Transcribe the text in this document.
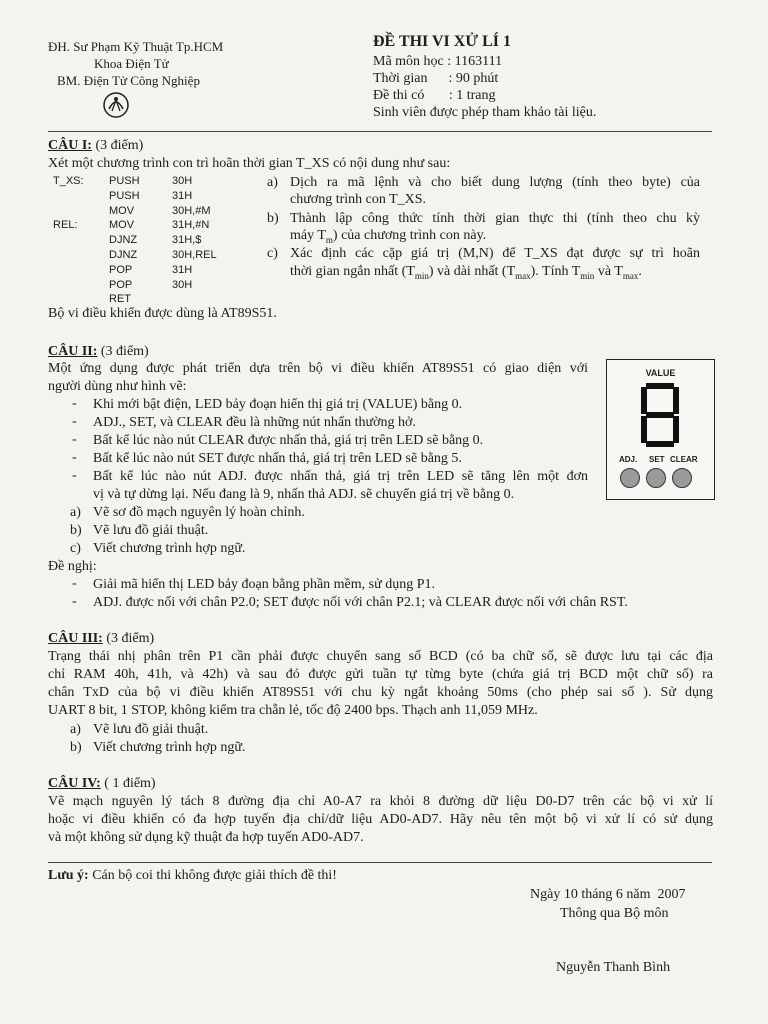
ĐH. Sư Phạm Kỹ Thuật Tp.HCM
Khoa Điện Tử
BM. Điện Tử Công Nghiệp
ĐỀ THI VI XỬ LÍ 1
Mã môn học : 1163111
Thời gian      : 90 phút
Đề thi có       : 1 trang
Sinh viên được phép tham khảo tài liệu.
CÂU I: (3 điểm)
Xét một chương trình con trì hoãn thời gian T_XS có nội dung như sau:
T_XS:	PUSH	30H
PUSH	31H
MOV	30H,#M
REL:	MOV	31H,#N
DJNZ	31H,$
DJNZ	30H,REL
POP	31H
POP	30H
RET
a) Dịch ra mã lệnh và cho biết dung lượng (tính theo byte) của
chương trình con T_XS.
b) Thành lập công thức tính thời gian thực thi (tính theo chu kỳ
máy $T_m$) của chương trình con này.
c) Xác định các cặp giá trị (M,N) để T_XS đạt được sự trì hoãn
thời gian ngắn nhất $(T_{min})$ và dài nhất $(T_{max})$. Tính $T_{min}$ và $T_{max}$.
Bộ vi điều khiển được dùng là AT89S51.
CÂU II: (3 điểm)
Một ứng dụng được phát triển dựa trên bộ vi điều khiển AT89S51 có giao diện với
người dùng như hình vẽ:
- Khi mới bật điện, LED bảy đoạn hiển thị giá trị (VALUE) bằng 0.
- ADJ., SET, và CLEAR đều là những nút nhấn thường hở.
- Bất kể lúc nào nút CLEAR được nhấn thả, giá trị trên LED sẽ bằng 0.
- Bất kể lúc nào nút SET được nhấn thả, giá trị trên LED sẽ bằng 5.
- Bất kể lúc nào nút ADJ. được nhấn thả, giá trị trên LED sẽ tăng lên một đơn
vị và tự dừng lại. Nếu đang là 9, nhấn thả ADJ. sẽ chuyển giá trị về bằng 0.
a) Vẽ sơ đồ mạch nguyên lý hoàn chỉnh.
b) Vẽ lưu đồ giải thuật.
c) Viết chương trình hợp ngữ.
Đề nghị:
- Giải mã hiển thị LED bảy đoạn bằng phần mềm, sử dụng P1.
- ADJ. được nối với chân P2.0; SET được nối với chân P2.1; và CLEAR được nối với chân RST.
VALUE
ADJ. SET CLEAR
CÂU III: (3 điểm)
Trạng thái nhị phân trên P1 cần phải được chuyển sang số BCD (có ba chữ số, sẽ được lưu tại các địa
chỉ RAM 40h, 41h, và 42h) và sau đó được gửi tuần tự từng byte (chứa giá trị BCD một chữ số) ra
chân TxD của bộ vi điều khiển AT89S51 với chu kỳ ngắt khoảng 50ms (cho phép sai số ). Sử dụng
UART 8 bit, 1 STOP, không kiểm tra chẵn lẻ, tốc độ 2400 bps. Thạch anh 11,059 MHz.
a) Vẽ lưu đồ giải thuật.
b) Viết chương trình hợp ngữ.
CÂU IV: ( 1 điểm)
Vẽ mạch nguyên lý tách 8 đường địa chỉ A0-A7 ra khỏi 8 đường dữ liệu D0-D7 trên các bộ vi xử lí
hoặc vi điều khiển có đa hợp tuyến địa chỉ/dữ liệu AD0-AD7. Hãy nêu tên một bộ vi xử lí có sử dụng
và một không sử dụng kỹ thuật đa hợp tuyến AD0-AD7.
Lưu ý: Cán bộ coi thi không được giải thích đề thi!
Ngày 10 tháng 6 năm  2007
Thông qua Bộ môn
Nguyễn Thanh Bình
